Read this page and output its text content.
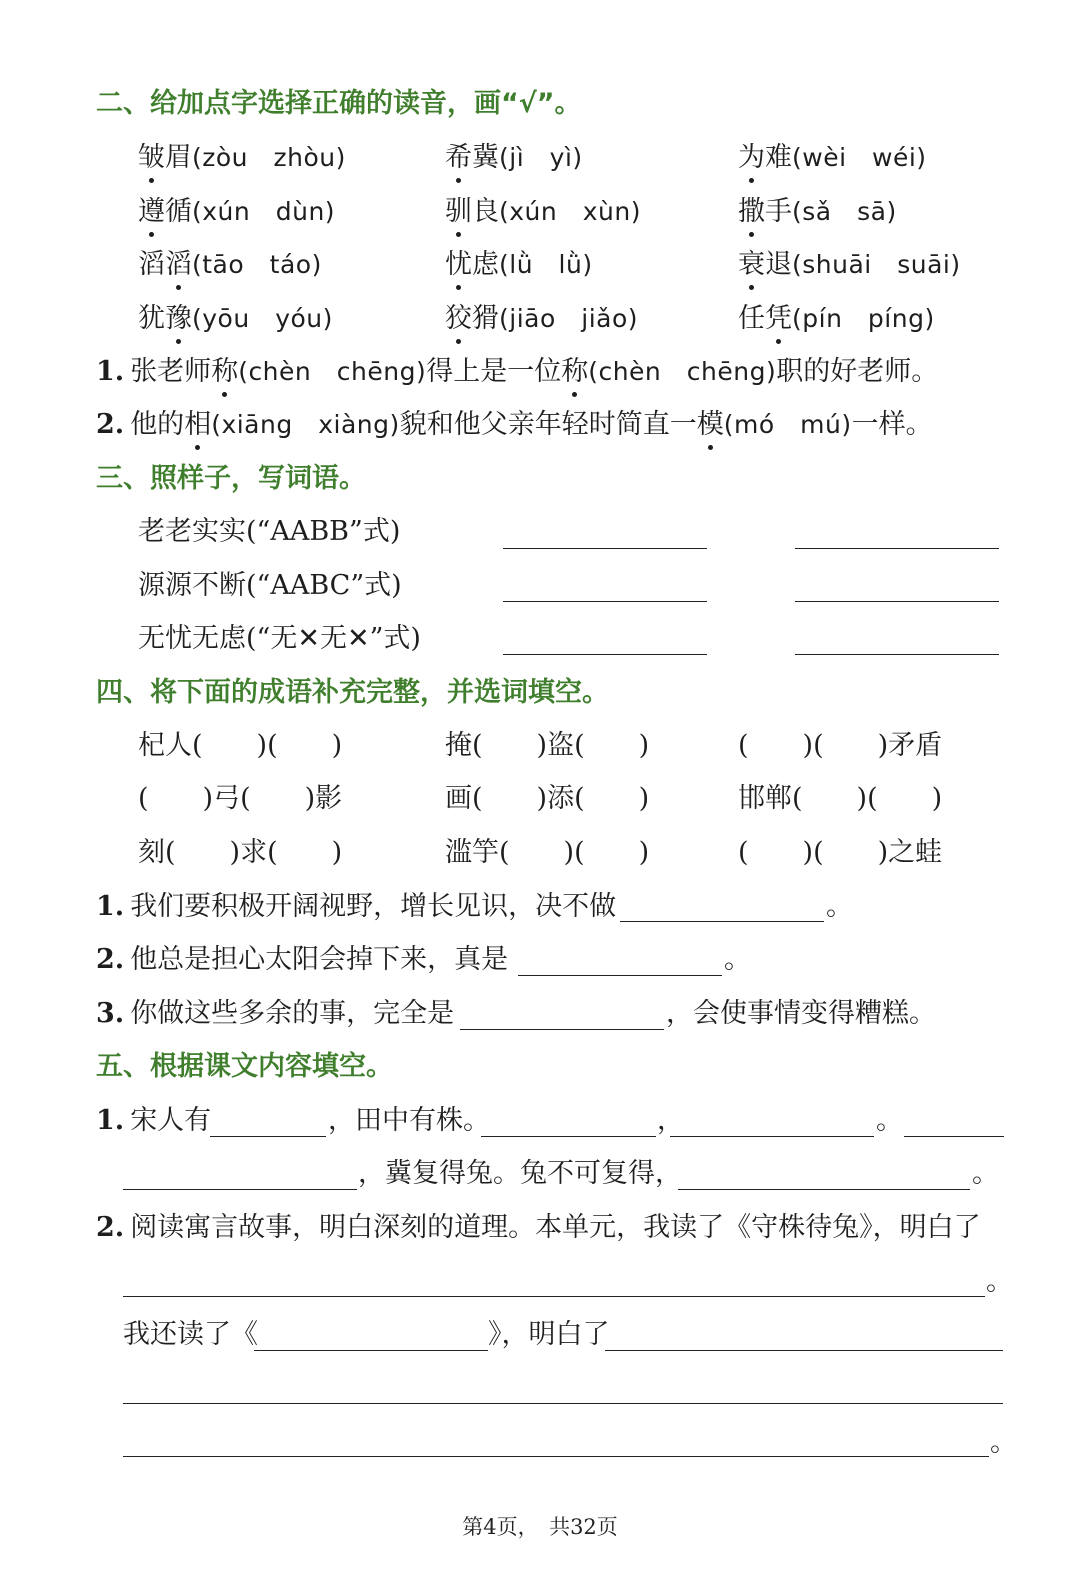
二、给加点字选择正确的读音，画“√”。
皱眉(zòu　zhòu)	希冀(jì　yì)	为难(wèi　wéi)
遵循(xún　dùn)	驯良(xún　xùn)	撒手(sǎ　sā)
滔滔(tāo　táo)	忧虑(lǜ　lǜ)	衰退(shuāi　suāi)
犹豫(yōu　yóu)	狡猾(jiāo　jiǎo)	任凭(pín　píng)
1. 张老师称(chèn　chēng)得上是一位称(chèn　chēng)职的好老师。
2. 他的相(xiāng　xiàng)貌和他父亲年轻时简直一模(mó　mú)一样。
三、照样子，写词语。
老老实实(“AABB”式)
源源不断(“AABC”式)
无忧无虑(“无✕无✕”式)
四、将下面的成语补充完整，并选词填空。
杞人(　　)(　　)	掩(　　)盗(　　)	(　　)(　　)矛盾
(　　)弓(　　)影	画(　　)添(　　)	邯郸(　　)(　　)
刻(　　)求(　　)	滥竽(　　)(　　)	(　　)(　　)之蛙
1. 我们要积极开阔视野，增长见识，决不做	。
2. 他总是担心太阳会掉下来，真是	。
3. 你做这些多余的事，完全是	，会使事情变得糟糕。
五、根据课文内容填空。
1. 宋人有	，田中有株。	，	。
，冀复得兔。兔不可复得，	。
2. 阅读寓言故事，明白深刻的道理。本单元，我读了《守株待兔》，明白了
。
我还读了《	》，明白了
。
第4页，　共32页
